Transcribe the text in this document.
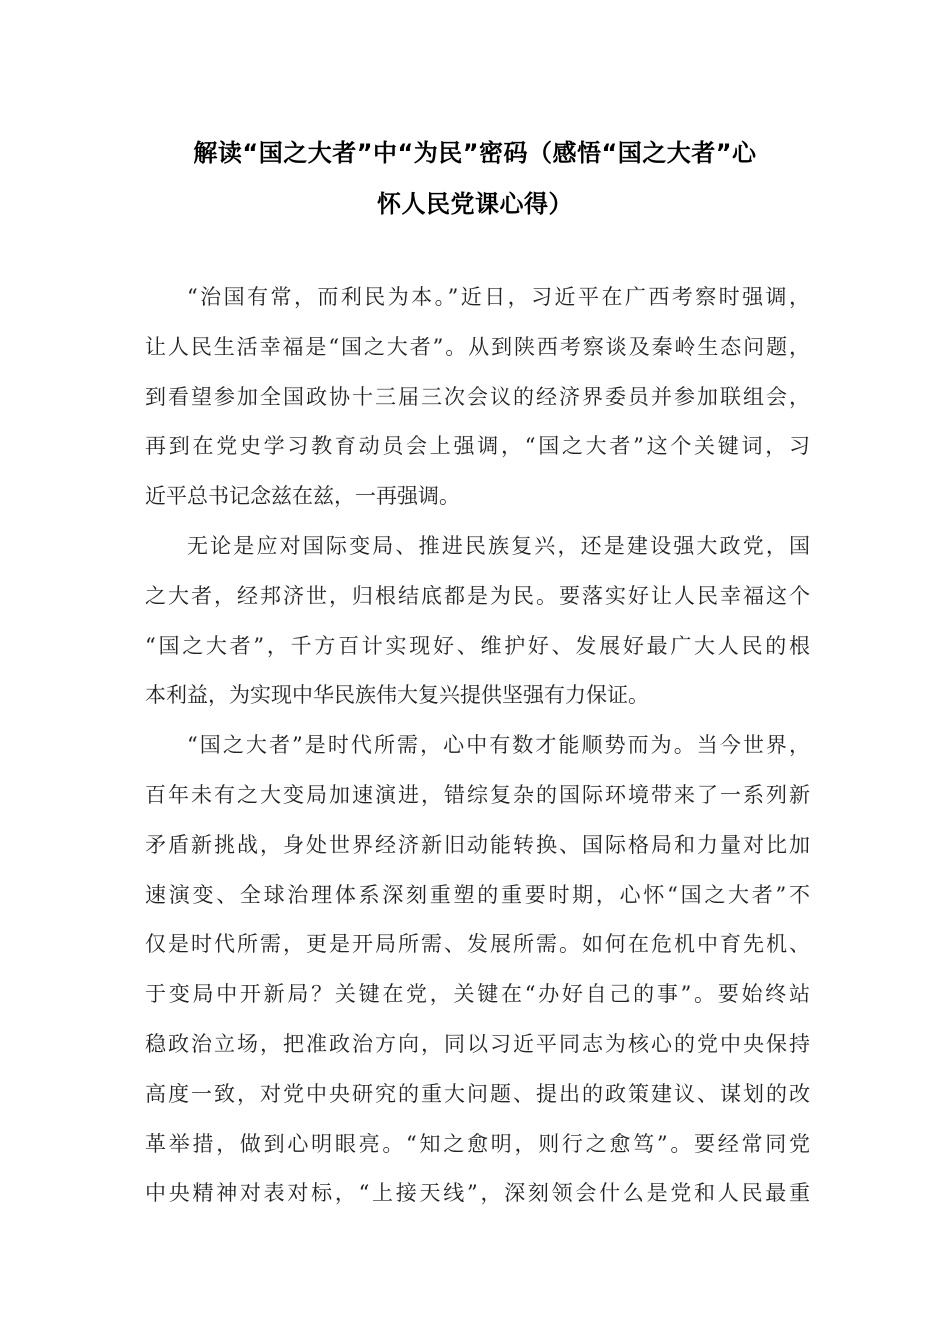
解读“国之大者”中“为民”密码（感悟“国之大者”心
怀人民党课心得）
“治国有常，而利民为本。”近日，习近平在广西考察时强调，
让人民生活幸福是“国之大者”。从到陕西考察谈及秦岭生态问题，
到看望参加全国政协十三届三次会议的经济界委员并参加联组会，
再到在党史学习教育动员会上强调，“国之大者”这个关键词，习
近平总书记念兹在兹，一再强调。
无论是应对国际变局、推进民族复兴，还是建设强大政党，国
之大者，经邦济世，归根结底都是为民。要落实好让人民幸福这个
“国之大者”，千方百计实现好、维护好、发展好最广大人民的根
本利益，为实现中华民族伟大复兴提供坚强有力保证。
“国之大者”是时代所需，心中有数才能顺势而为。当今世界，
百年未有之大变局加速演进，错综复杂的国际环境带来了一系列新
矛盾新挑战，身处世界经济新旧动能转换、国际格局和力量对比加
速演变、全球治理体系深刻重塑的重要时期，心怀“国之大者”不
仅是时代所需，更是开局所需、发展所需。如何在危机中育先机、
于变局中开新局？关键在党，关键在“办好自己的事”。要始终站
稳政治立场，把准政治方向，同以习近平同志为核心的党中央保持
高度一致，对党中央研究的重大问题、提出的政策建议、谋划的改
革举措，做到心明眼亮。“知之愈明，则行之愈笃”。要经常同党
中央精神对表对标，“上接天线”，深刻领会什么是党和人民最重
